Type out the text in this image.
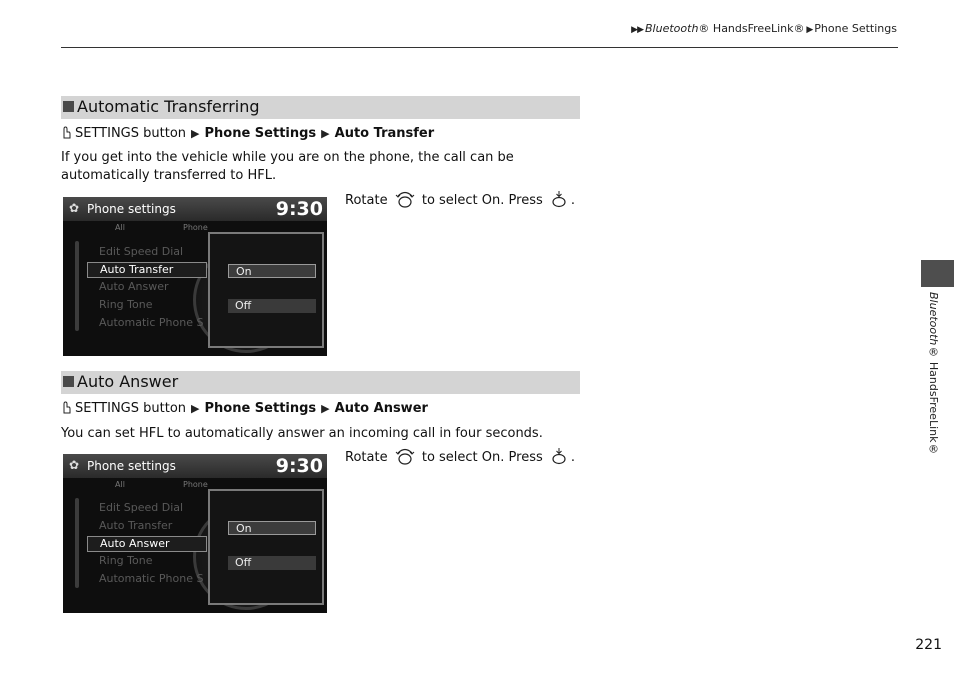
▶▶ Bluetooth® HandsFreeLink® ▶ Phone Settings
Automatic Transferring
SETTINGS button ▶ Phone Settings ▶ Auto Transfer
If you get into the vehicle while you are on the phone, the call can be automatically transferred to HFL.
✿ Phone settings	9:30
All	Phone
Edit Speed Dial
Auto Transfer
Auto Answer
Ring Tone
Automatic Phone S
On
Off
Rotate	to select On. Press .
Auto Answer
SETTINGS button ▶ Phone Settings ▶ Auto Answer
You can set HFL to automatically answer an incoming call in four seconds.
✿ Phone settings	9:30
All	Phone
Edit Speed Dial
Auto Transfer
Auto Answer
Ring Tone
Automatic Phone S
On
Off
Rotate	to select On. Press .
Bluetooth® HandsFreeLink®
221
